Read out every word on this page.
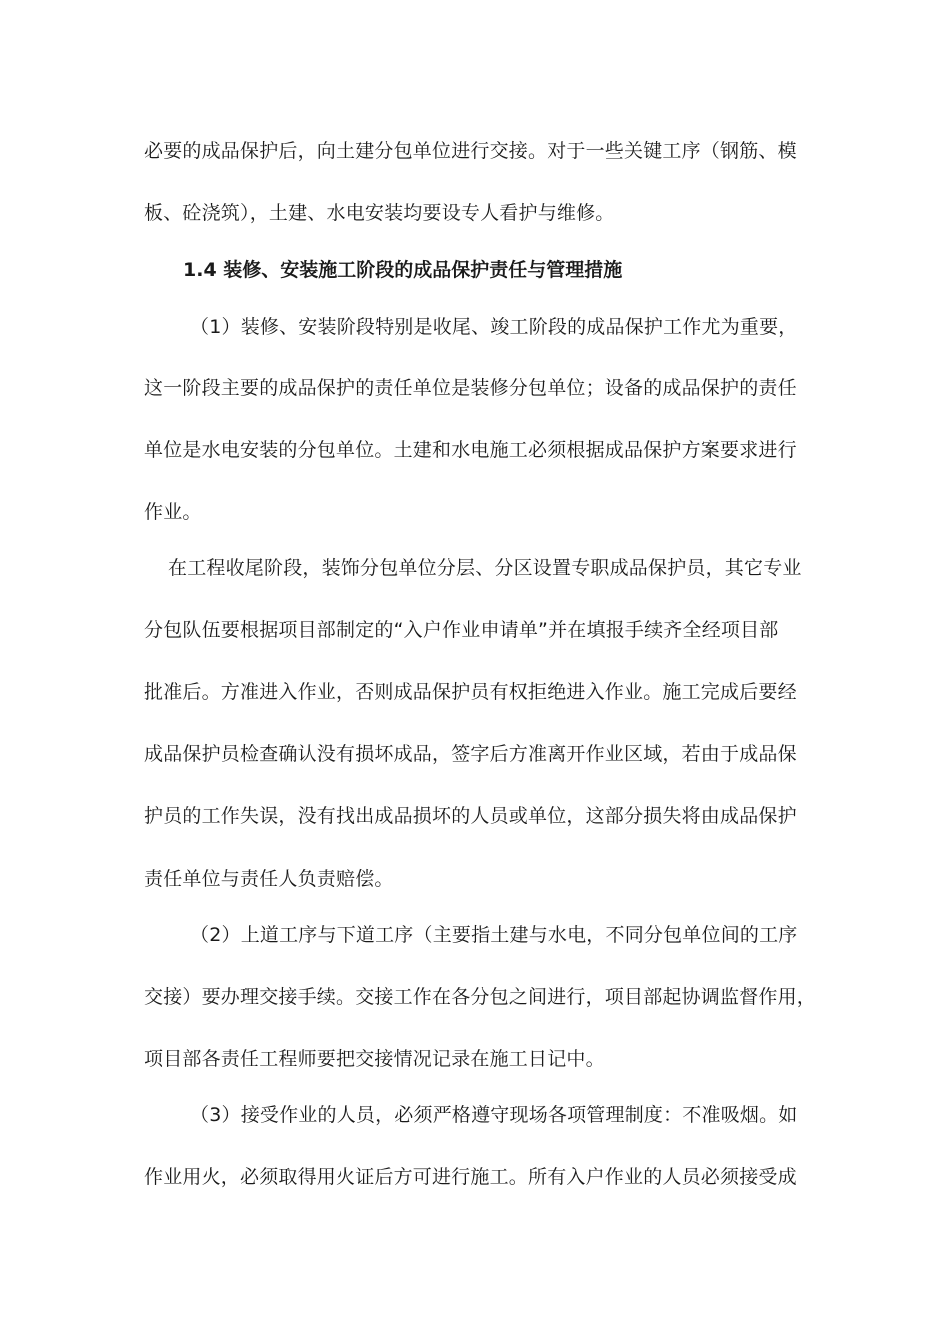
必要的成品保护后，向土建分包单位进行交接。对于一些关键工序（钢筋、模
板、砼浇筑），土建、水电安装均要设专人看护与维修。
1.4 装修、安装施工阶段的成品保护责任与管理措施
（1）装修、安装阶段特别是收尾、竣工阶段的成品保护工作尤为重要，
这一阶段主要的成品保护的责任单位是装修分包单位；设备的成品保护的责任
单位是水电安装的分包单位。土建和水电施工必须根据成品保护方案要求进行
作业。
在工程收尾阶段，装饰分包单位分层、分区设置专职成品保护员，其它专业
分包队伍要根据项目部制定的“入户作业申请单”并在填报手续齐全经项目部
批准后。方准进入作业，否则成品保护员有权拒绝进入作业。施工完成后要经
成品保护员检查确认没有损坏成品，签字后方准离开作业区域，若由于成品保
护员的工作失误，没有找出成品损坏的人员或单位，这部分损失将由成品保护
责任单位与责任人负责赔偿。
（2）上道工序与下道工序（主要指土建与水电，不同分包单位间的工序
交接）要办理交接手续。交接工作在各分包之间进行，项目部起协调监督作用，
项目部各责任工程师要把交接情况记录在施工日记中。
（3）接受作业的人员，必须严格遵守现场各项管理制度：不准吸烟。如
作业用火，必须取得用火证后方可进行施工。所有入户作业的人员必须接受成
